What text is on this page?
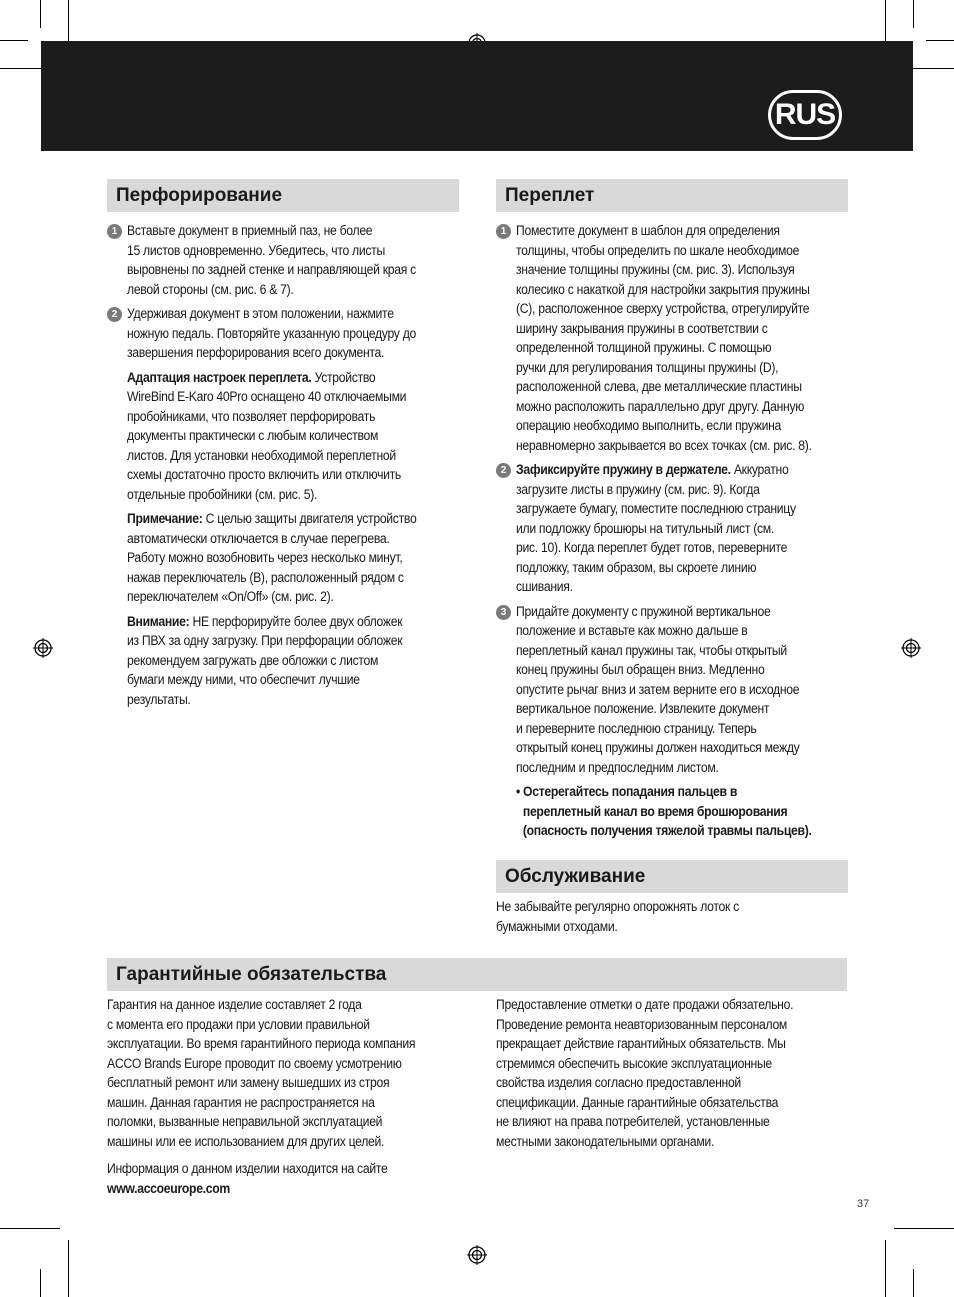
RUS
Перфорирование
1 Вставьте документ в приемный паз, не более
15 листов одновременно. Убедитесь, что листы
выровнены по задней стенке и направляющей края с
левой стороны (см. рис. 6 & 7).

2 Удерживая документ в этом положении, нажмите
ножную педаль. Повторяйте указанную процедуру до
завершения перфорирования всего документа.

Адаптация настроек переплета. Устройство
WireBind E-Karo 40Pro оснащено 40 отключаемыми
пробойниками, что позволяет перфорировать
документы практически с любым количеством
листов. Для установки необходимой переплетной
схемы достаточно просто включить или отключить
отдельные пробойники (см. рис. 5).

Примечание: С целью защиты двигателя устройство
автоматически отключается в случае перегрева.
Работу можно возобновить через несколько минут,
нажав переключатель (B), расположенный рядом с
переключателем «On/Off» (см. рис. 2).

Внимание: НЕ перфорируйте более двух обложек
из ПВХ за одну загрузку. При перфорации обложек
рекомендуем загружать две обложки с листом
бумаги между ними, что обеспечит лучшие
результаты.

Переплет
1 Поместите документ в шаблон для определения
толщины, чтобы определить по шкале необходимое
значение толщины пружины (см. рис. 3). Используя
колесико с накаткой для настройки закрытия пружины
(C), расположенное сверху устройства, отрегулируйте
ширину закрывания пружины в соответствии с
определенной толщиной пружины. С помощью
ручки для регулирования толщины пружины (D),
расположенной слева, две металлические пластины
можно расположить параллельно друг другу. Данную
операцию необходимо выполнить, если пружина
неравномерно закрывается во всех точках (см. рис. 8).

2 Зафиксируйте пружину в держателе. Аккуратно
загрузите листы в пружину (см. рис. 9). Когда
загружаете бумагу, поместите последнюю страницу
или подложку брошюры на титульный лист (см.
рис. 10). Когда переплет будет готов, переверните
подложку, таким образом, вы скроете линию
сшивания.

3 Придайте документу с пружиной вертикальное
положение и вставьте как можно дальше в
переплетный канал пружины так, чтобы открытый
конец пружины был обращен вниз. Медленно
опустите рычаг вниз и затем верните его в исходное
вертикальное положение. Извлеките документ
и переверните последнюю страницу. Теперь
открытый конец пружины должен находиться между
последним и предпоследним листом.

• Остерегайтесь попадания пальцев в
переплетный канал во время брошюрования
(опасность получения тяжелой травмы пальцев).

Обслуживание

Не забывайте регулярно опорожнять лоток с
бумажными отходами.

Гарантийные обязательства

Гарантия на данное изделие составляет 2 года
с момента его продажи при условии правильной
эксплуатации. Во время гарантийного периода компания
ACCO Brands Europe проводит по своему усмотрению
бесплатный ремонт или замену вышедших из строя
машин. Данная гарантия не распространяется на
поломки, вызванные неправильной эксплуатацией
машины или ее использованием для других целей.

Предоставление отметки о дате продажи обязательно.
Проведение ремонта неавторизованным персоналом
прекращает действие гарантийных обязательств. Мы
стремимся обеспечить высокие эксплуатационные
свойства изделия согласно предоставленной
спецификации. Данные гарантийные обязательства
не влияют на права потребителей, установленные
местными законодательными органами.

Информация о данном изделии находится на сайте www.accoeurope.com

37
